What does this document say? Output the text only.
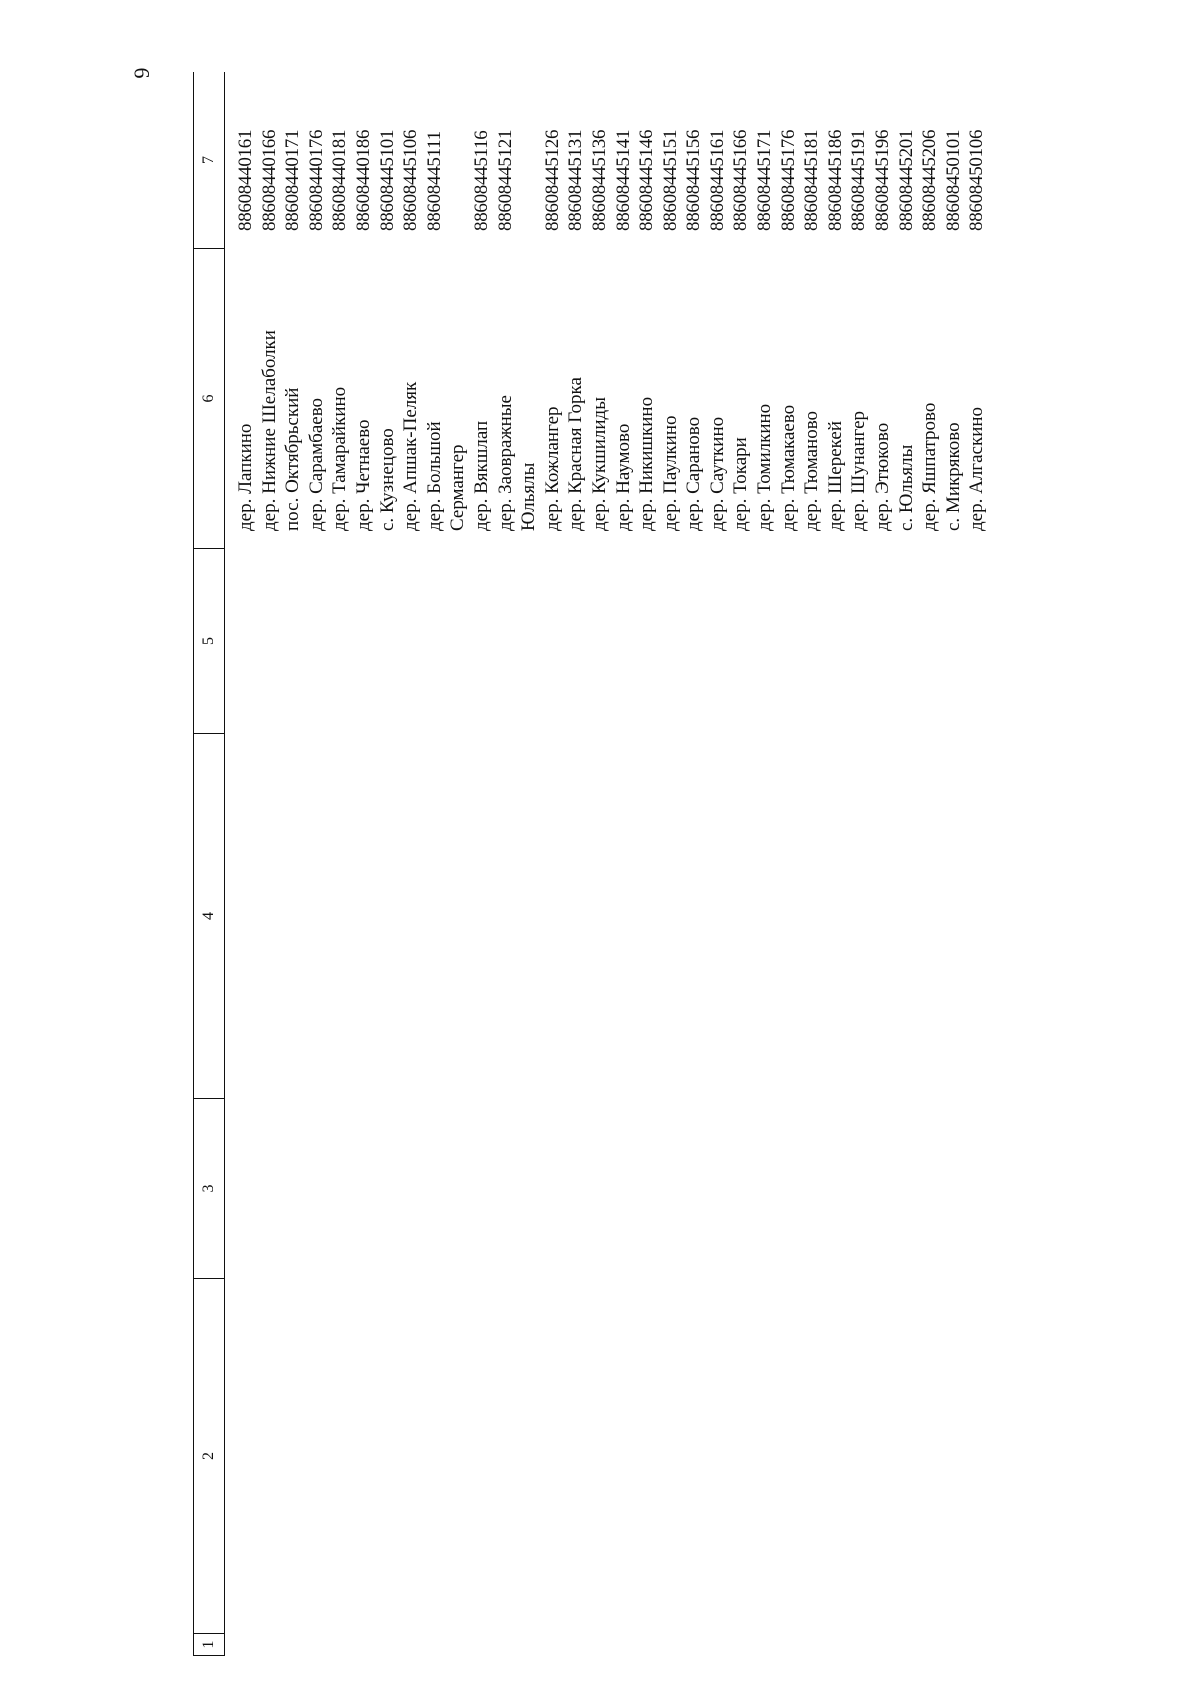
6
1
2
3
4
5
6
7
дер. Лапкино
88608440161
дер. Нижние Шелаболки
88608440166
пос. Октябрьский
88608440171
дер. Сарамбаево
88608440176
дер. Тамарайкино
88608440181
дер. Четнаево
88608440186
с. Кузнецово
88608445101
дер. Апшак-Пеляк
88608445106
дер. Большой
88608445111
Сермангер дер. Вякшлап
88608445116
дер. Заовражные
88608445121
Юльялы дер. Кожлангер
88608445126
дер. Красная Горка
88608445131
дер. Кукшилиды
88608445136
дер. Наумово
88608445141
дер. Никишкино
88608445146
дер. Паулкино
88608445151
дер. Сараново
88608445156
дер. Сауткино
88608445161
дер. Токари
88608445166
дер. Томилкино
88608445171
дер. Тюмакаево
88608445176
дер. Тюманово
88608445181
дер. Шерекей
88608445186
дер. Шунангер
88608445191
дер. Этюково
88608445196
с. Юльялы
88608445201
дер. Яшпатрово
88608445206
с. Микряково
88608450101
дер. Алгаскино
88608450106
